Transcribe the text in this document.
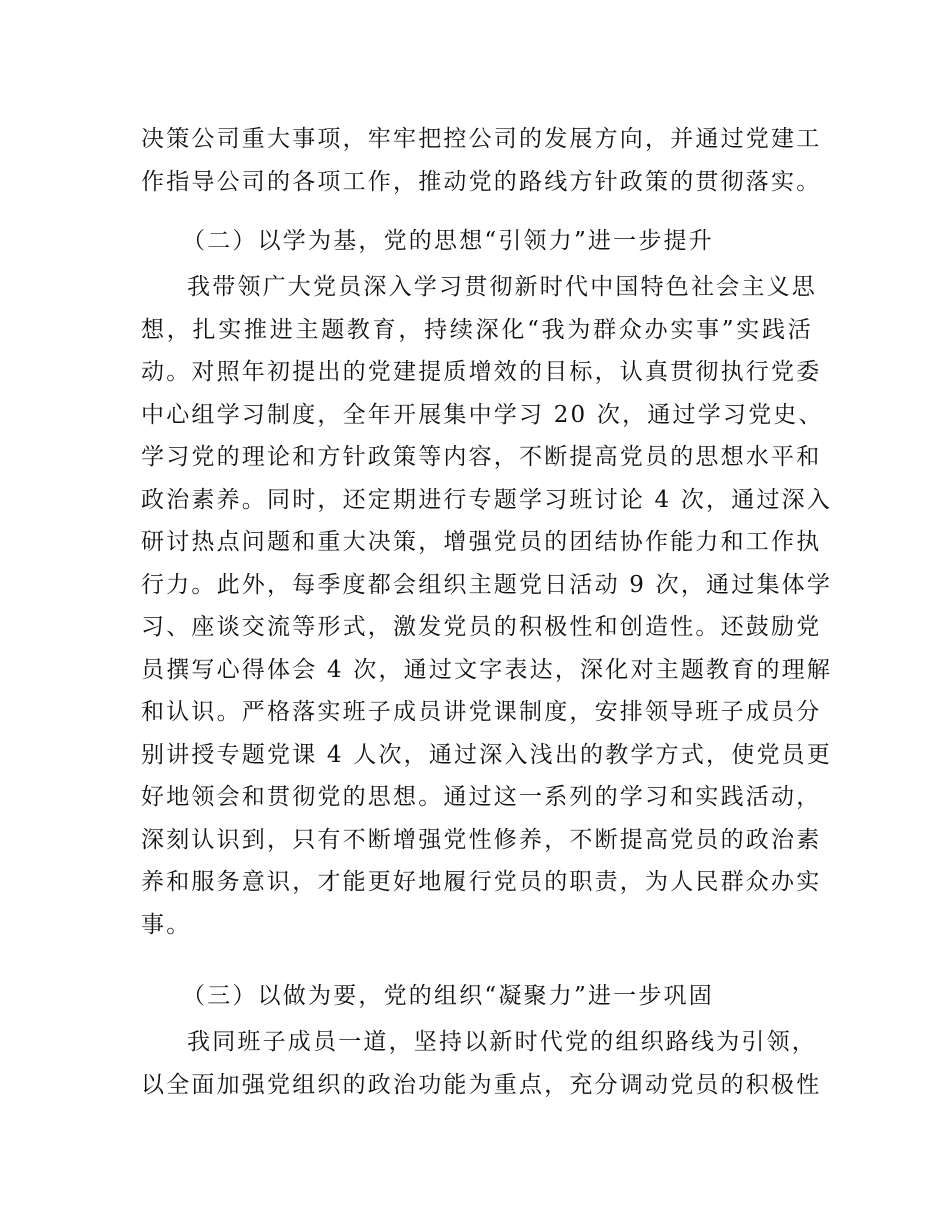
决策公司重大事项，牢牢把控公司的发展方向，并通过党建工
作指导公司的各项工作，推动党的路线方针政策的贯彻落实。
（二）以学为基，党的思想“引领力”进一步提升
我带领广大党员深入学习贯彻新时代中国特色社会主义思
想，扎实推进主题教育，持续深化“我为群众办实事”实践活
动。对照年初提出的党建提质增效的目标，认真贯彻执行党委
中心组学习制度，全年开展集中学习 20 次，通过学习党史、
学习党的理论和方针政策等内容，不断提高党员的思想水平和
政治素养。同时，还定期进行专题学习班讨论 4 次，通过深入
研讨热点问题和重大决策，增强党员的团结协作能力和工作执
行力。此外，每季度都会组织主题党日活动 9 次，通过集体学
习、座谈交流等形式，激发党员的积极性和创造性。还鼓励党
员撰写心得体会 4 次，通过文字表达，深化对主题教育的理解
和认识。严格落实班子成员讲党课制度，安排领导班子成员分
别讲授专题党课 4 人次，通过深入浅出的教学方式，使党员更
好地领会和贯彻党的思想。通过这一系列的学习和实践活动，
深刻认识到，只有不断增强党性修养，不断提高党员的政治素
养和服务意识，才能更好地履行党员的职责，为人民群众办实
事。
（三）以做为要，党的组织“凝聚力”进一步巩固
我同班子成员一道，坚持以新时代党的组织路线为引领，
以全面加强党组织的政治功能为重点，充分调动党员的积极性
